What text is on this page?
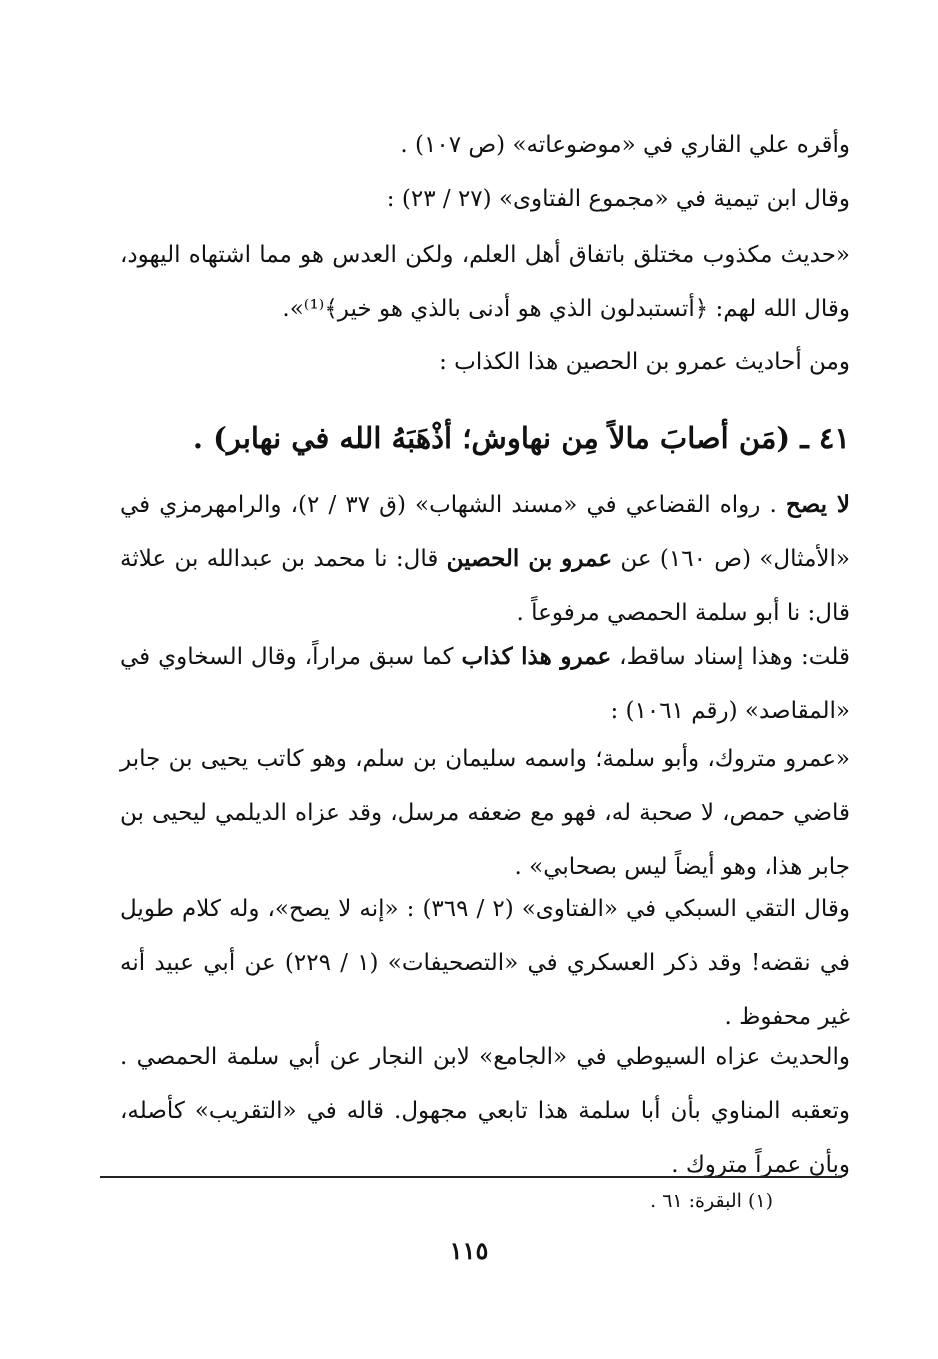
وأقره علي القاري في «موضوعاته» (ص ١٠٧) .
وقال ابن تيمية في «مجموع الفتاوى» (٢٧ / ٢٣) :
«حديث مكذوب مختلق باتفاق أهل العلم، ولكن العدس هو مما اشتهاه اليهود، وقال الله لهم: ﴿أتستبدلون الذي هو أدنى بالذي هو خير﴾⁽¹⁾».
ومن أحاديث عمرو بن الحصين هذا الكذاب :
٤١ ـ (مَن أصابَ مالاً مِن نهاوش؛ أذْهَبَهُ الله في نهابر) .
لا يصح . رواه القضاعي في «مسند الشهاب» (ق ٣٧ / ٢)، والرامهرمزي في «الأمثال» (ص ١٦٠) عن عمرو بن الحصين قال: نا محمد بن عبدالله بن علاثة قال: نا أبو سلمة الحمصي مرفوعاً .
قلت: وهذا إسناد ساقط، عمرو هذا كذاب كما سبق مراراً، وقال السخاوي في «المقاصد» (رقم ١٠٦١) :
«عمرو متروك، وأبو سلمة؛ واسمه سليمان بن سلم، وهو كاتب يحيى بن جابر قاضي حمص، لا صحبة له، فهو مع ضعفه مرسل، وقد عزاه الديلمي ليحيى بن جابر هذا، وهو أيضاً ليس بصحابي» .
وقال التقي السبكي في «الفتاوى» (٢ / ٣٦٩) : «إنه لا يصح»، وله كلام طويل في نقضه! وقد ذكر العسكري في «التصحيفات» (١ / ٢٢٩) عن أبي عبيد أنه غير محفوظ .
والحديث عزاه السيوطي في «الجامع» لابن النجار عن أبي سلمة الحمصي . وتعقبه المناوي بأن أبا سلمة هذا تابعي مجهول. قاله في «التقريب» كأصله، وبأن عمراً متروك .
(١) البقرة: ٦١ .
١١٥
